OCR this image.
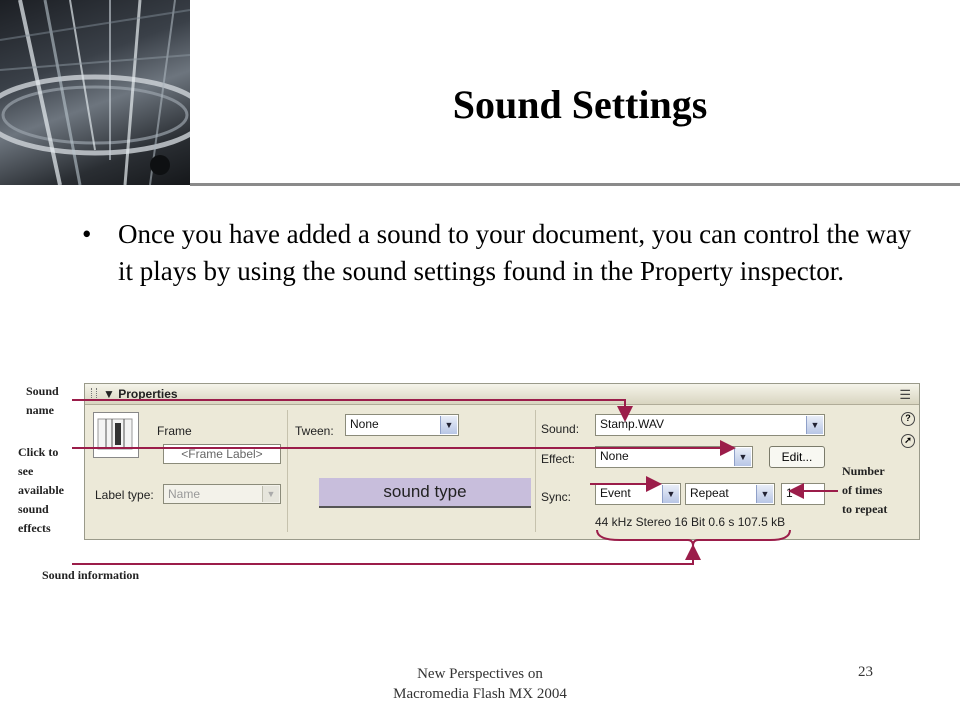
Sound Settings
• Once you have added a sound to your document, you can control the way it plays by using the sound settings found in the Property inspector.
▼ Properties	☰
Frame
<Frame Label>
Label type:	Name	▼
Tween:	None	▼
sound type
Sound:	Stamp.WAV	▼
Effect:	None	▼	Edit...
Sync:	Event	▼	Repeat	▼	1
44 kHz Stereo 16 Bit 0.6 s 107.5 kB
?
➚
Sound
name
Click to
see
available
sound
effects
Number
of times
to repeat
Sound information
New Perspectives on
Macromedia Flash MX 2004
23
